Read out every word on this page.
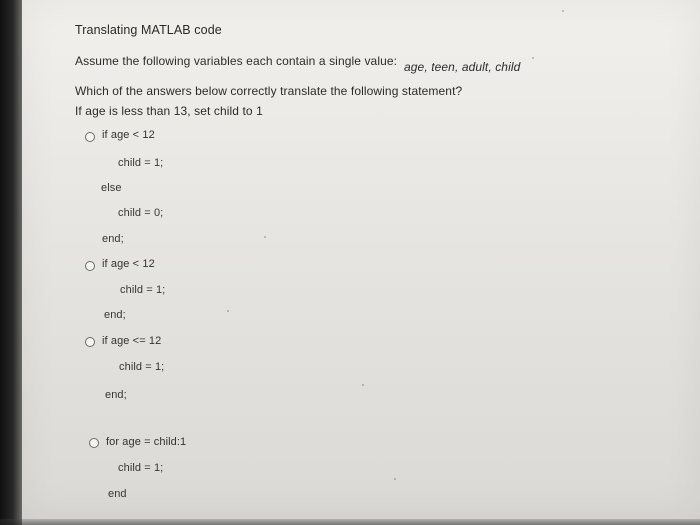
Translating MATLAB code
Assume the following variables each contain a single value: age, teen, adult, child
Which of the answers below correctly translate the following statement?
If age is less than 13, set child to 1
if age < 12
child = 1;
else
child = 0;
end;
if age < 12
child = 1;
end;
if age <= 12
child = 1;
end;
for age = child:1
child = 1;
end
